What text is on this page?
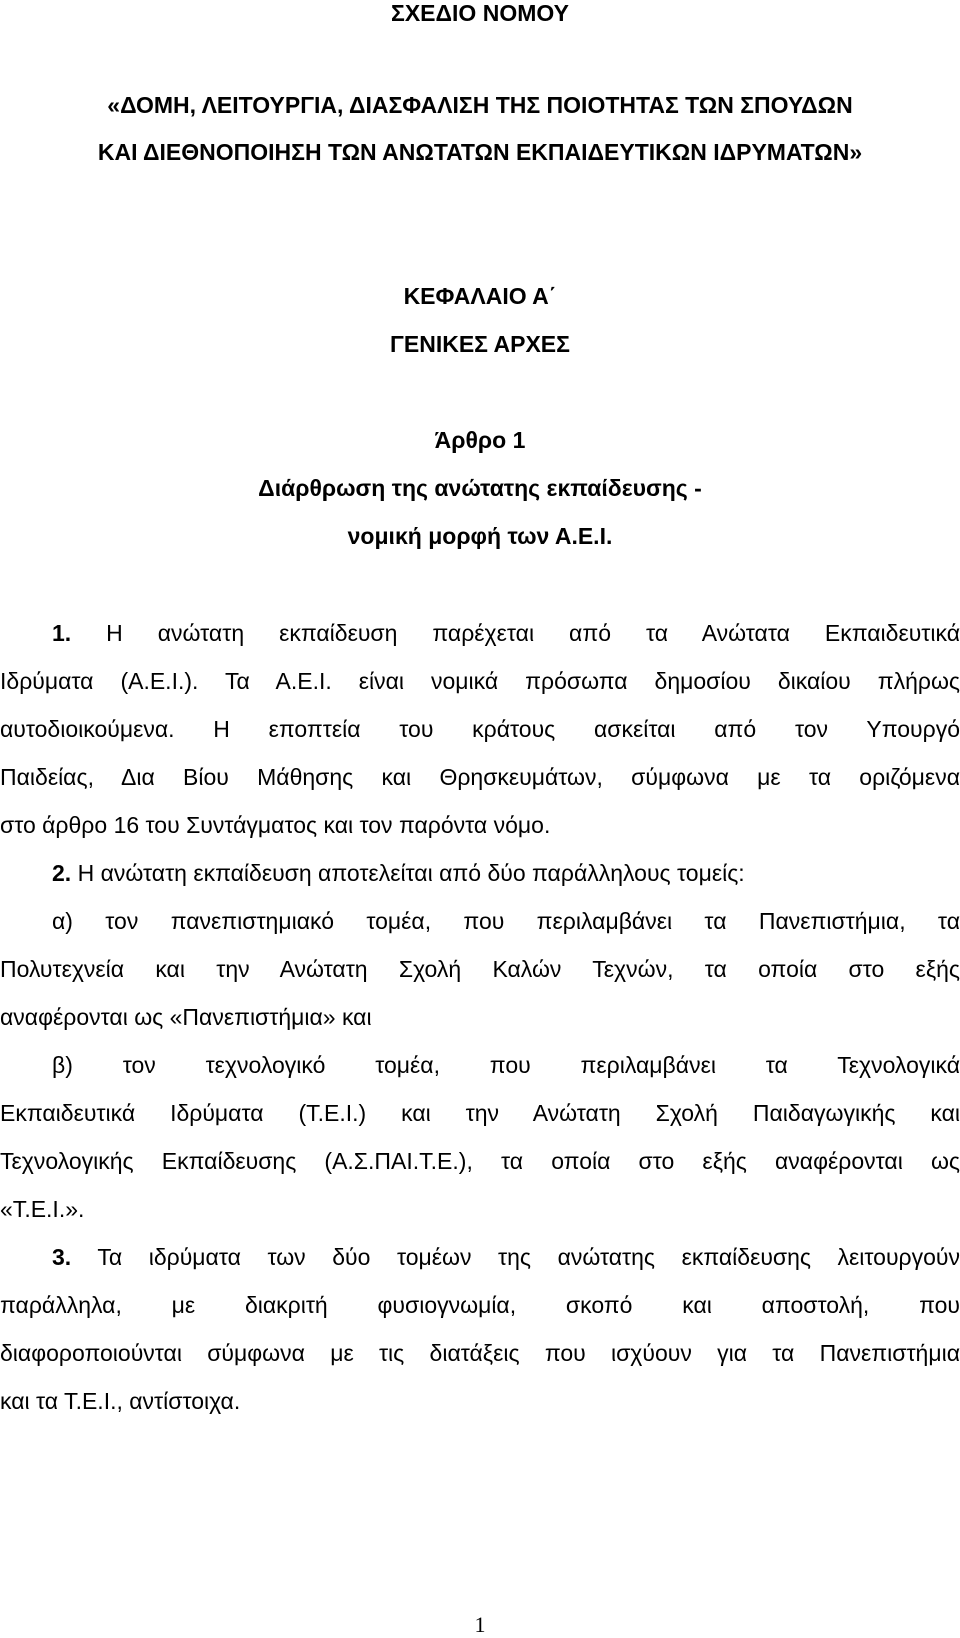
ΣΧΕΔΙΟ ΝΟΜΟΥ
«ΔΟΜΗ, ΛΕΙΤΟΥΡΓΙΑ, ΔΙΑΣΦΑΛΙΣΗ ΤΗΣ ΠΟΙΟΤΗΤΑΣ ΤΩΝ ΣΠΟΥΔΩΝ
ΚΑΙ ΔΙΕΘΝΟΠΟΙΗΣΗ ΤΩΝ ΑΝΩΤΑΤΩΝ ΕΚΠΑΙΔΕΥΤΙΚΩΝ ΙΔΡΥΜΑΤΩΝ»
ΚΕΦΑΛΑΙΟ Α΄
ΓΕΝΙΚΕΣ ΑΡΧΕΣ
Άρθρο 1
Διάρθρωση της ανώτατης εκπαίδευσης -
νομική μορφή των Α.Ε.Ι.
1. Η ανώτατη εκπαίδευση παρέχεται από τα Ανώτατα Εκπαιδευτικά
Ιδρύματα (Α.Ε.Ι.). Τα Α.Ε.Ι. είναι νομικά πρόσωπα δημοσίου δικαίου πλήρως
αυτοδιοικούμενα. Η εποπτεία του κράτους ασκείται από τον Υπουργό
Παιδείας, Δια Βίου Μάθησης και Θρησκευμάτων, σύμφωνα με τα οριζόμενα
στο άρθρο 16 του Συντάγματος και τον παρόντα νόμο.
2. Η ανώτατη εκπαίδευση αποτελείται από δύο παράλληλους τομείς:
α) τον πανεπιστημιακό τομέα, που περιλαμβάνει τα Πανεπιστήμια, τα
Πολυτεχνεία και την Ανώτατη Σχολή Καλών Τεχνών, τα οποία στο εξής
αναφέρονται ως «Πανεπιστήμια» και
β) τον τεχνολογικό τομέα, που περιλαμβάνει τα Τεχνολογικά
Εκπαιδευτικά Ιδρύματα (Τ.Ε.Ι.) και την Ανώτατη Σχολή Παιδαγωγικής και
Τεχνολογικής Εκπαίδευσης (Α.Σ.ΠΑΙ.Τ.Ε.), τα οποία στο εξής αναφέρονται ως
«Τ.Ε.Ι.».
3. Τα ιδρύματα των δύο τομέων της ανώτατης εκπαίδευσης λειτουργούν
παράλληλα, με διακριτή φυσιογνωμία, σκοπό και αποστολή, που
διαφοροποιούνται σύμφωνα με τις διατάξεις που ισχύουν για τα Πανεπιστήμια
και τα Τ.Ε.Ι., αντίστοιχα.
1
